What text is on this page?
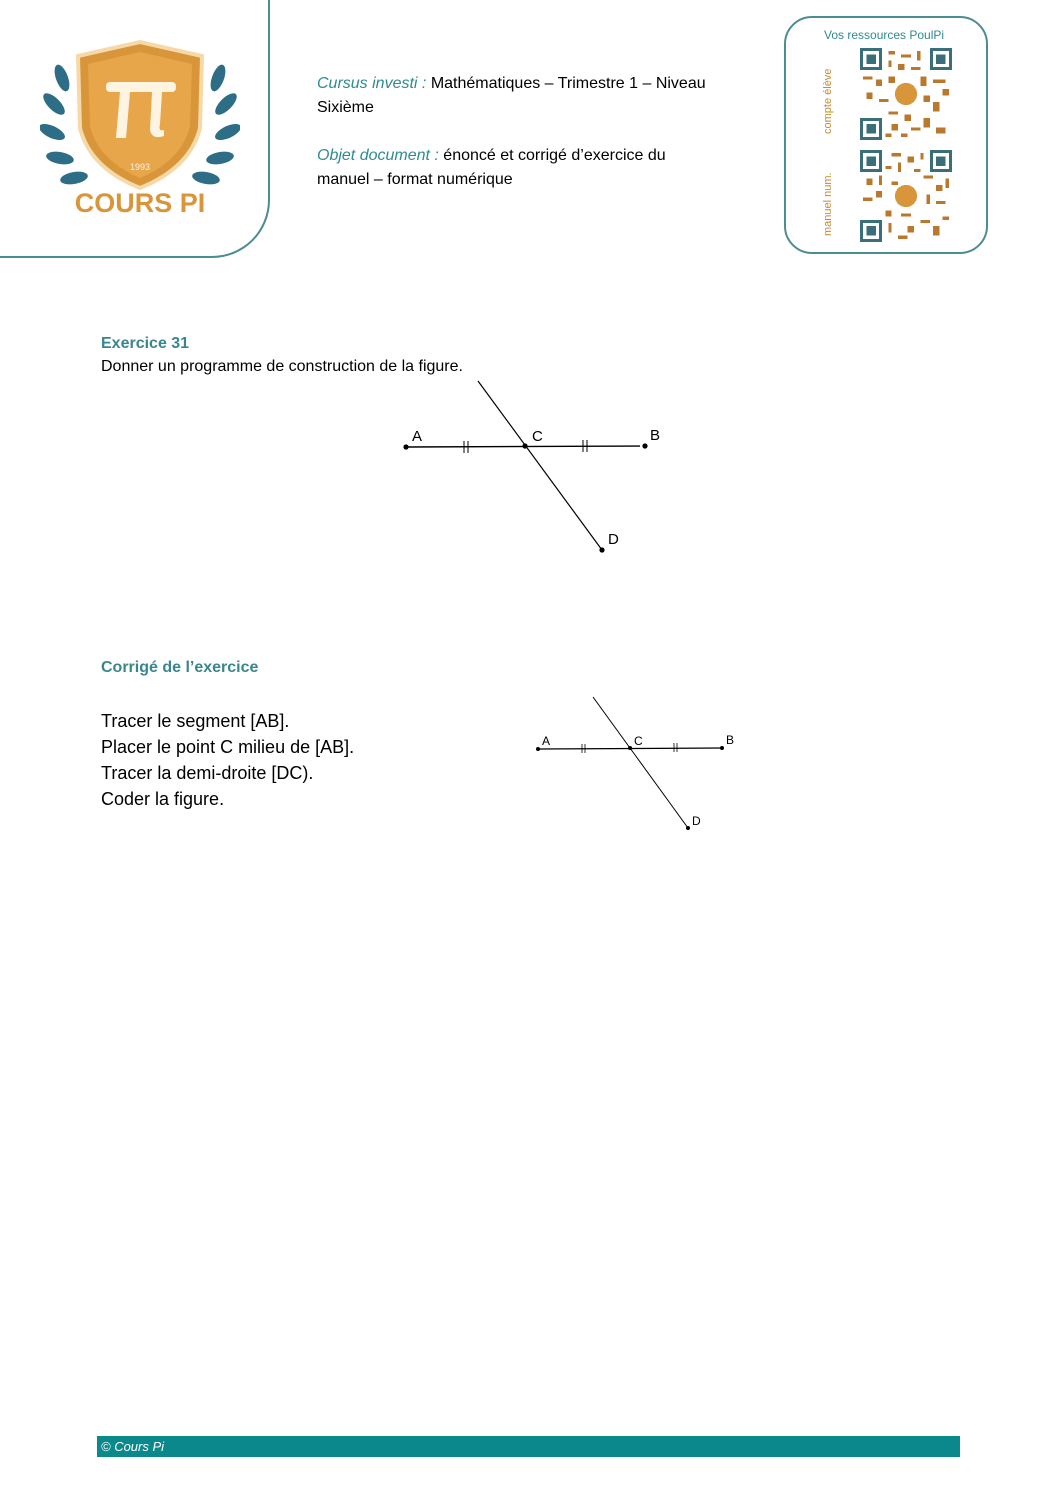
1993
COURS PI
Cursus investi : Mathématiques – Trimestre 1 – Niveau Sixième
Objet document : énoncé et corrigé d’exercice du manuel – format numérique
Vos ressources PoulPi
compte élève
manuel num.
Exercice 31
Donner un programme de construction de la figure.
A	C
D
B
Corrigé de l’exercice
Tracer le segment [AB].
Placer le point C milieu de [AB].
Tracer la demi-droite [DC).
Coder la figure.
A	C	B
D
© Cours Pi
